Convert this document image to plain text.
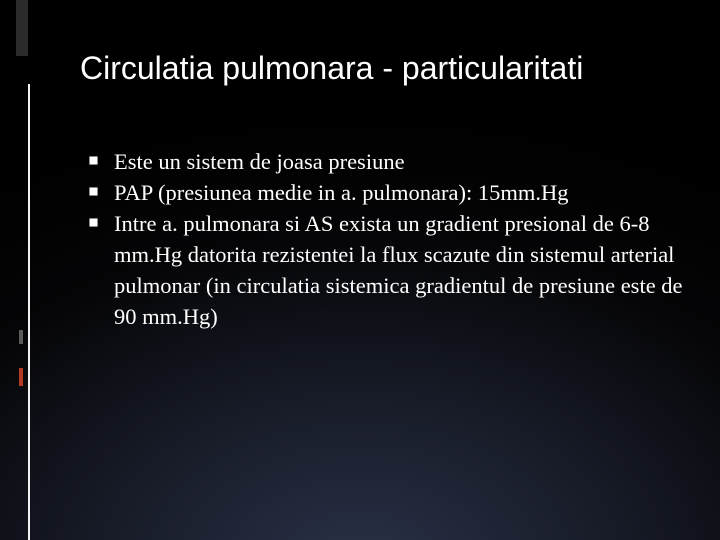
Circulatia pulmonara - particularitati
Este un sistem de joasa presiune
PAP (presiunea medie in a. pulmonara): 15mm.Hg
Intre a. pulmonara si AS exista un gradient presional de 6-8 mm.Hg datorita rezistentei la flux scazute din sistemul arterial pulmonar (in circulatia sistemica gradientul de presiune este de 90 mm.Hg)
